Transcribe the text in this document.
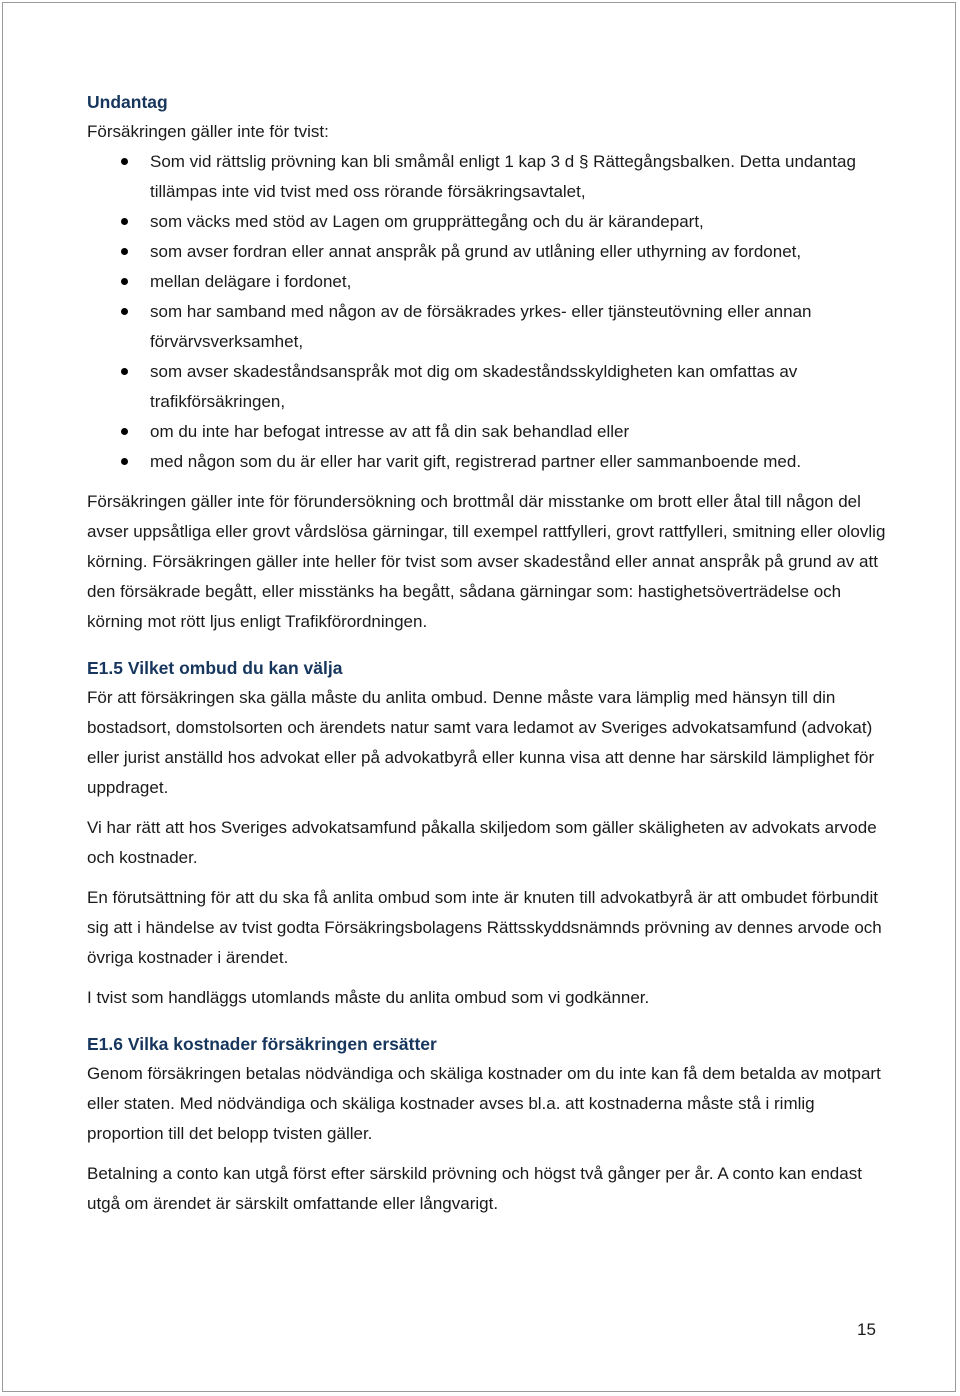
Undantag

Försäkringen gäller inte för tvist:

Som vid rättslig prövning kan bli småmål enligt 1 kap 3 d § Rättegångsbalken. Detta undantag tillämpas inte vid tvist med oss rörande försäkringsavtalet,
som väcks med stöd av Lagen om grupprättegång och du är kärandepart,
som avser fordran eller annat anspråk på grund av utlåning eller uthyrning av fordonet,
mellan delägare i fordonet,
som har samband med någon av de försäkrades yrkes- eller tjänsteutövning eller annan förvärvsverksamhet,
som avser skadeståndsanspråk mot dig om skadeståndsskyldigheten kan omfattas av trafikförsäkringen,
om du inte har befogat intresse av att få din sak behandlad eller
med någon som du är eller har varit gift, registrerad partner eller sammanboende med.

Försäkringen gäller inte för förundersökning och brottmål där misstanke om brott eller åtal till någon del avser uppsåtliga eller grovt vårdslösa gärningar, till exempel rattfylleri, grovt rattfylleri, smitning eller olovlig körning. Försäkringen gäller inte heller för tvist som avser skadestånd eller annat anspråk på grund av att den försäkrade begått, eller misstänks ha begått, sådana gärningar som: hastighetsöverträdelse och körning mot rött ljus enligt Trafikförordningen.

E1.5 Vilket ombud du kan välja

För att försäkringen ska gälla måste du anlita ombud. Denne måste vara lämplig med hänsyn till din bostadsort, domstolsorten och ärendets natur samt vara ledamot av Sveriges advokatsamfund (advokat) eller jurist anställd hos advokat eller på advokatbyrå eller kunna visa att denne har särskild lämplighet för uppdraget.

Vi har rätt att hos Sveriges advokatsamfund påkalla skiljedom som gäller skäligheten av advokats arvode och kostnader.

En förutsättning för att du ska få anlita ombud som inte är knuten till advokatbyrå är att ombudet förbundit sig att i händelse av tvist godta Försäkringsbolagens Rättsskyddsnämnds prövning av dennes arvode och övriga kostnader i ärendet.

I tvist som handläggs utomlands måste du anlita ombud som vi godkänner.

E1.6 Vilka kostnader försäkringen ersätter

Genom försäkringen betalas nödvändiga och skäliga kostnader om du inte kan få dem betalda av motpart eller staten. Med nödvändiga och skäliga kostnader avses bl.a. att kostnaderna måste stå i rimlig proportion till det belopp tvisten gäller.

Betalning a conto kan utgå först efter särskild prövning och högst två gånger per år. A conto kan endast utgå om ärendet är särskilt omfattande eller långvarigt.

15
